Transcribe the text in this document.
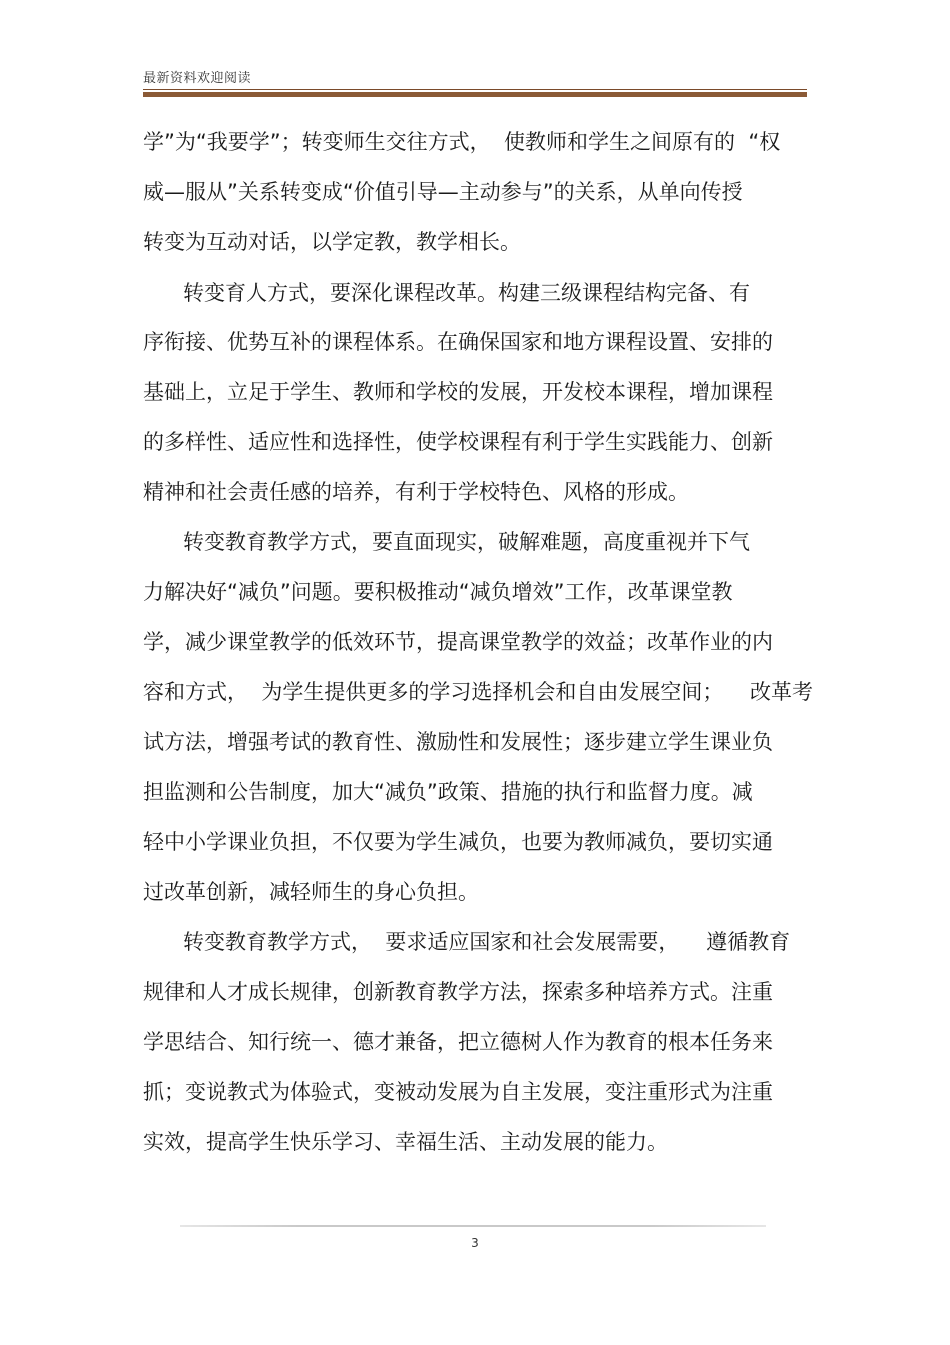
最新资料欢迎阅读
学”为“我要学”；转变师生交往方式，  使教师和学生之间原有的  “权
威—服从”关系转变成“价值引导—主动参与”的关系，从单向传授
转变为互动对话，以学定教，教学相长。
转变育人方式，要深化课程改革。构建三级课程结构完备、有
序衔接、优势互补的课程体系。在确保国家和地方课程设置、安排的
基础上，立足于学生、教师和学校的发展，开发校本课程，增加课程
的多样性、适应性和选择性，使学校课程有利于学生实践能力、创新
精神和社会责任感的培养，有利于学校特色、风格的形成。
转变教育教学方式，要直面现实，破解难题，高度重视并下气
力解决好“减负”问题。要积极推动“减负增效”工作，改革课堂教
学，减少课堂教学的低效环节，提高课堂教学的效益；改革作业的内
容和方式，  为学生提供更多的学习选择机会和自由发展空间；    改革考
试方法，增强考试的教育性、激励性和发展性；逐步建立学生课业负
担监测和公告制度，加大“减负”政策、措施的执行和监督力度。减
轻中小学课业负担，不仅要为学生减负，也要为教师减负，要切实通
过改革创新，减轻师生的身心负担。
转变教育教学方式，  要求适应国家和社会发展需要，    遵循教育
规律和人才成长规律，创新教育教学方法，探索多种培养方式。注重
学思结合、知行统一、德才兼备，把立德树人作为教育的根本任务来
抓；变说教式为体验式，变被动发展为自主发展，变注重形式为注重
实效，提高学生快乐学习、幸福生活、主动发展的能力。
3
